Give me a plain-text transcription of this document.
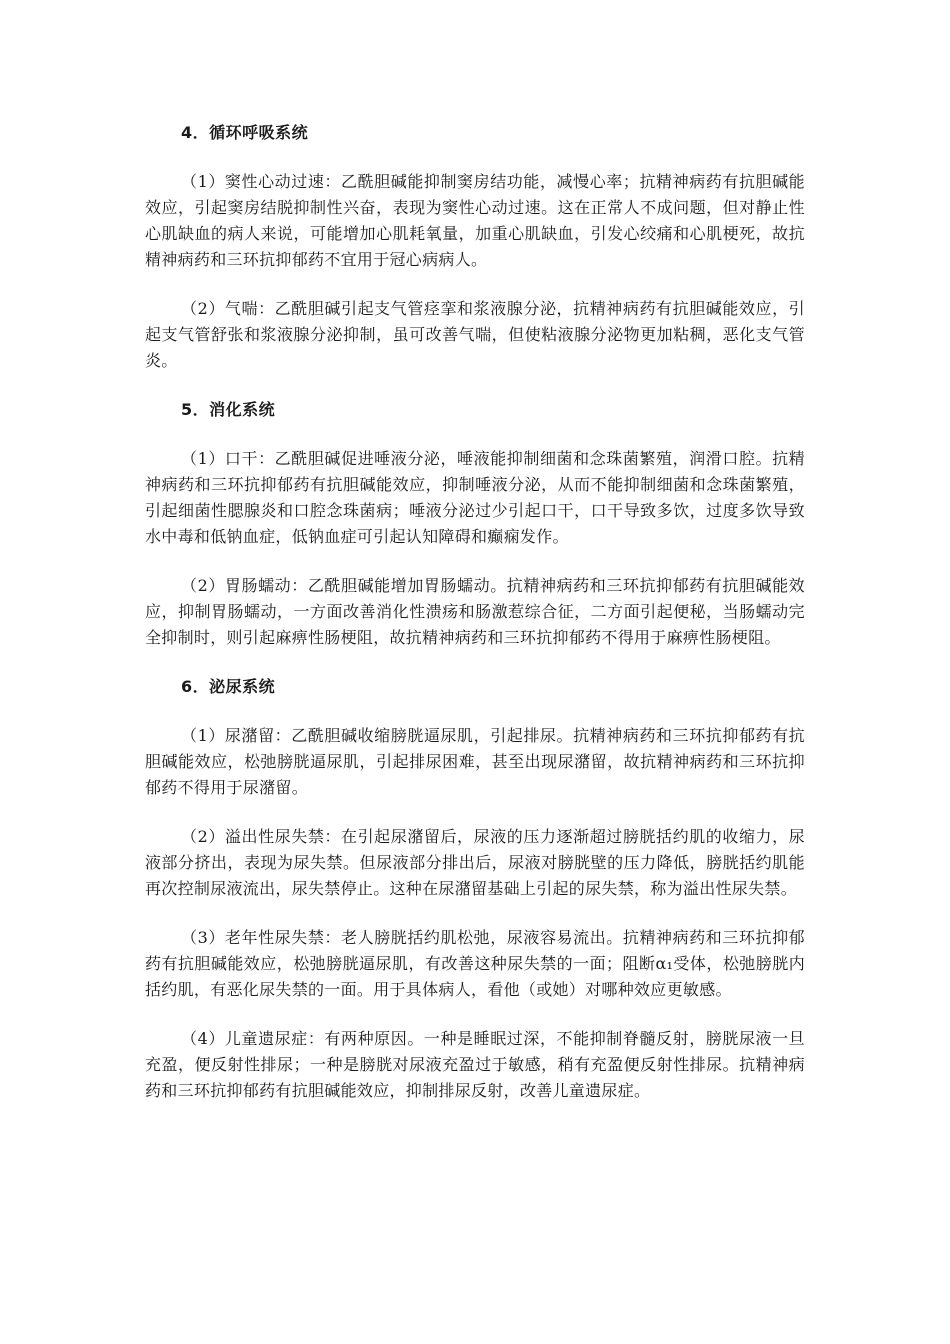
4．循环呼吸系统

（1）窦性心动过速：乙酰胆碱能抑制窦房结功能，减慢心率；抗精神病药有抗胆碱能效应，引起窦房结脱抑制性兴奋，表现为窦性心动过速。这在正常人不成问题，但对静止性心肌缺血的病人来说，可能增加心肌耗氧量，加重心肌缺血，引发心绞痛和心肌梗死，故抗精神病药和三环抗抑郁药不宜用于冠心病病人。

（2）气喘：乙酰胆碱引起支气管痉挛和浆液腺分泌，抗精神病药有抗胆碱能效应，引起支气管舒张和浆液腺分泌抑制，虽可改善气喘，但使粘液腺分泌物更加粘稠，恶化支气管炎。

5．消化系统

（1）口干：乙酰胆碱促进唾液分泌，唾液能抑制细菌和念珠菌繁殖，润滑口腔。抗精神病药和三环抗抑郁药有抗胆碱能效应，抑制唾液分泌，从而不能抑制细菌和念珠菌繁殖，引起细菌性腮腺炎和口腔念珠菌病；唾液分泌过少引起口干，口干导致多饮，过度多饮导致水中毒和低钠血症，低钠血症可引起认知障碍和癫痫发作。

（2）胃肠蠕动：乙酰胆碱能增加胃肠蠕动。抗精神病药和三环抗抑郁药有抗胆碱能效应，抑制胃肠蠕动，一方面改善消化性溃疡和肠激惹综合征，二方面引起便秘，当肠蠕动完全抑制时，则引起麻痹性肠梗阻，故抗精神病药和三环抗抑郁药不得用于麻痹性肠梗阻。

6．泌尿系统

（1）尿潴留：乙酰胆碱收缩膀胱逼尿肌，引起排尿。抗精神病药和三环抗抑郁药有抗胆碱能效应，松弛膀胱逼尿肌，引起排尿困难，甚至出现尿潴留，故抗精神病药和三环抗抑郁药不得用于尿潴留。

（2）溢出性尿失禁：在引起尿潴留后，尿液的压力逐渐超过膀胱括约肌的收缩力，尿液部分挤出，表现为尿失禁。但尿液部分排出后，尿液对膀胱壁的压力降低，膀胱括约肌能再次控制尿液流出，尿失禁停止。这种在尿潴留基础上引起的尿失禁，称为溢出性尿失禁。

（3）老年性尿失禁：老人膀胱括约肌松弛，尿液容易流出。抗精神病药和三环抗抑郁药有抗胆碱能效应，松弛膀胱逼尿肌，有改善这种尿失禁的一面；阻断α₁受体，松弛膀胱内括约肌，有恶化尿失禁的一面。用于具体病人，看他（或她）对哪种效应更敏感。

（4）儿童遗尿症：有两种原因。一种是睡眠过深，不能抑制脊髓反射，膀胱尿液一旦充盈，便反射性排尿；一种是膀胱对尿液充盈过于敏感，稍有充盈便反射性排尿。抗精神病药和三环抗抑郁药有抗胆碱能效应，抑制排尿反射，改善儿童遗尿症。
